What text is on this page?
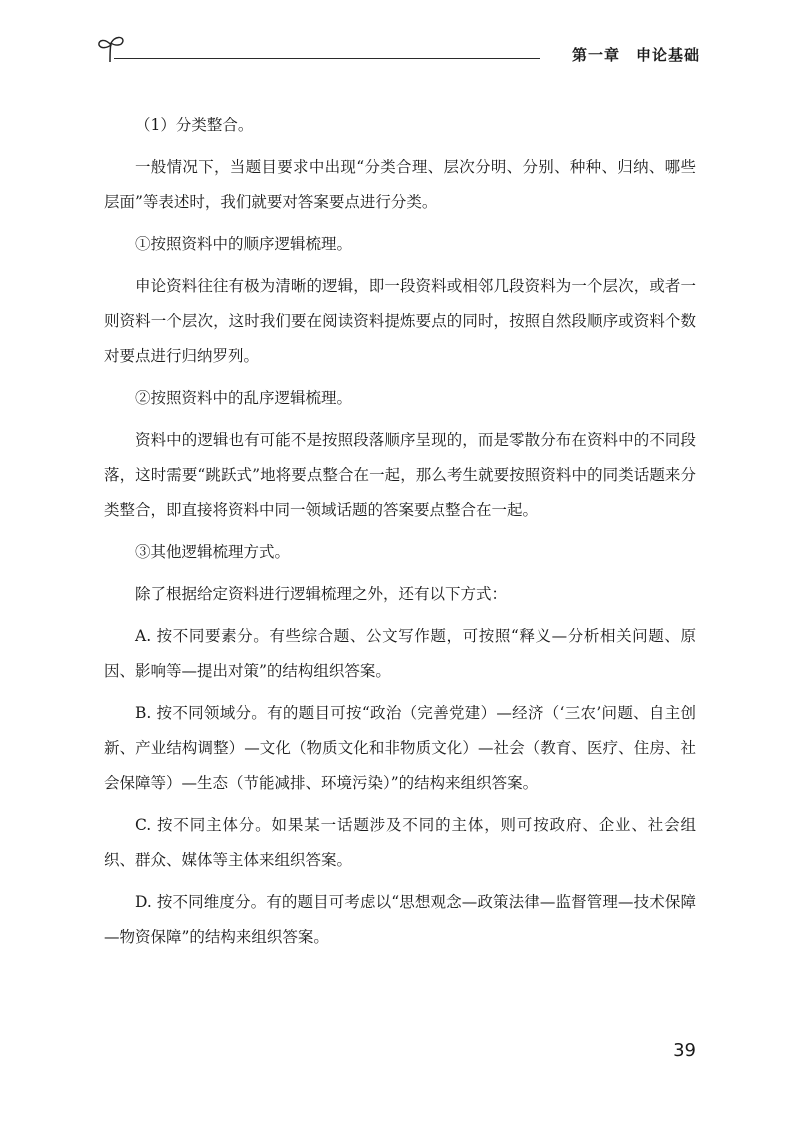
第一章 申论基础

（1）分类整合。

一般情况下，当题目要求中出现“分类合理、层次分明、分别、种种、归纳、哪些层面”等表述时，我们就要对答案要点进行分类。

①按照资料中的顺序逻辑梳理。

申论资料往往有极为清晰的逻辑，即一段资料或相邻几段资料为一个层次，或者一则资料一个层次，这时我们要在阅读资料提炼要点的同时，按照自然段顺序或资料个数对要点进行归纳罗列。

②按照资料中的乱序逻辑梳理。

资料中的逻辑也有可能不是按照段落顺序呈现的，而是零散分布在资料中的不同段落，这时需要“跳跃式”地将要点整合在一起，那么考生就要按照资料中的同类话题来分类整合，即直接将资料中同一领域话题的答案要点整合在一起。

③其他逻辑梳理方式。

除了根据给定资料进行逻辑梳理之外，还有以下方式：

A. 按不同要素分。有些综合题、公文写作题，可按照“释义—分析相关问题、原因、影响等—提出对策”的结构组织答案。

B. 按不同领域分。有的题目可按“政治（完善党建）—经济（‘三农’问题、自主创新、产业结构调整）—文化（物质文化和非物质文化）—社会（教育、医疗、住房、社会保障等）—生态（节能减排、环境污染）”的结构来组织答案。

C. 按不同主体分。如果某一话题涉及不同的主体，则可按政府、企业、社会组织、群众、媒体等主体来组织答案。

D. 按不同维度分。有的题目可考虑以“思想观念—政策法律—监督管理—技术保障—物资保障”的结构来组织答案。

39
